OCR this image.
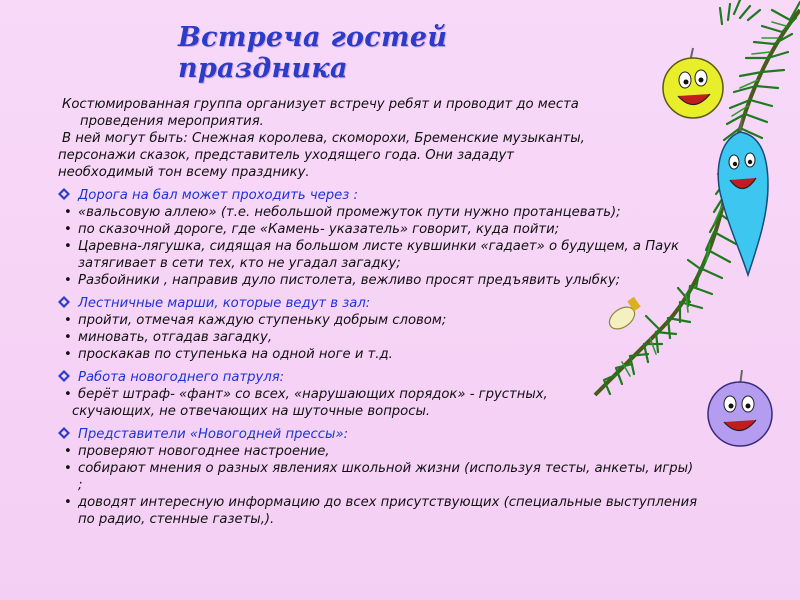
Встреча гостей праздника

Костюмированная группа организует встречу ребят и проводит до места

проведения мероприятия.

В ней могут быть: Снежная королева, скоморохи, Бременские музыканты,

персонажи сказок, представитель уходящего года. Они зададут

необходимый тон всему празднику.

Дорога на бал может проходить через :
• «вальсовую аллею» (т.е. небольшой промежуток пути нужно протанцевать);
• по сказочной дороге, где «Камень- указатель» говорит, куда пойти;
• Царевна-лягушка, сидящая на большом листе кувшинки «гадает» о будущем, а Паук затягивает в сети тех, кто не угадал загадку;
• Разбойники , направив дуло пистолета, вежливо просят предъявить улыбку;
Лестничные марши, которые ведут в зал:
• пройти, отмечая каждую ступеньку добрым словом;
• миновать, отгадав загадку,
• проскакав по ступенька на одной ноге и т.д.
Работа новогоднего патруля:
• берёт штраф- «фант» со всех, «нарушающих порядок» - грустных,
скучающих, не отвечающих на шуточные вопросы.
Представители «Новогодней прессы»:
• проверяют новогоднее настроение,
• собирают мнения о разных явлениях школьной жизни (используя тесты, анкеты, игры) ;
• доводят интересную информацию до всех присутствующих (специальные выступления по радио, стенные газеты,).
